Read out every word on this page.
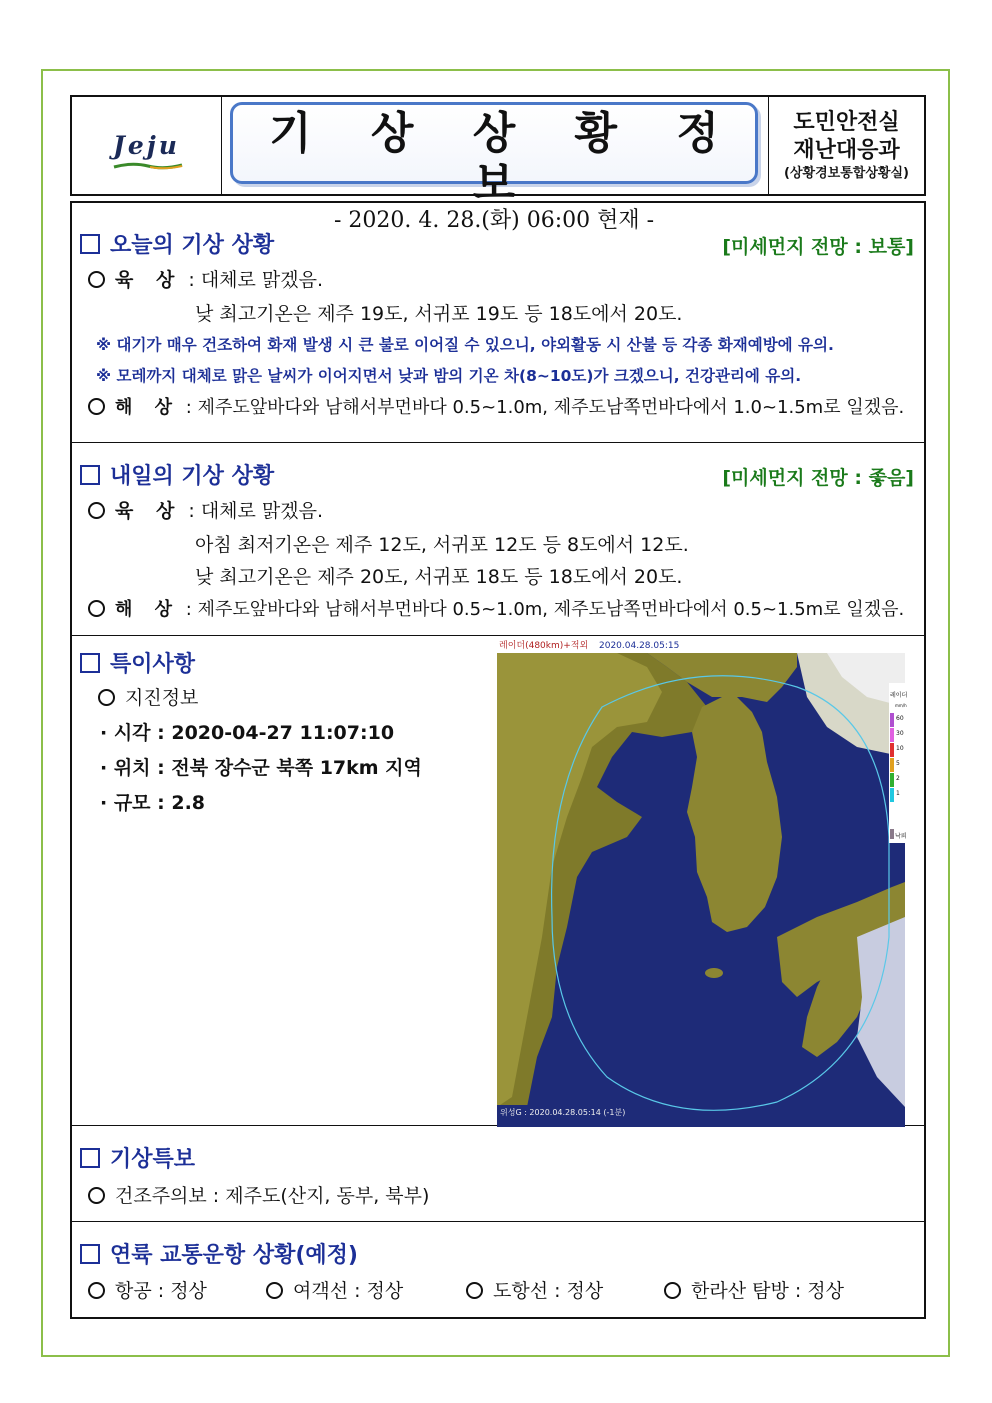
Jeju	기 상 상 황 정 보
- 2020. 4. 28.(화) 06:00 현재 -
도민안전실
재난대응과
(상황경보통합상황실)
오늘의 기상 상황	[미세먼지 전망 : 보통]
육 상 : 대체로 맑겠음.
낮 최고기온은 제주 19도, 서귀포 19도 등 18도에서 20도.
※ 대기가 매우 건조하여 화재 발생 시 큰 불로 이어질 수 있으니, 야외활동 시 산불 등 각종 화재예방에 유의.
※ 모레까지 대체로 맑은 날씨가 이어지면서 낮과 밤의 기온 차(8~10도)가 크겠으니, 건강관리에 유의.
해 상 : 제주도앞바다와 남해서부먼바다 0.5~1.0m, 제주도남쪽먼바다에서 1.0~1.5m로 일겠음.
내일의 기상 상황	[미세먼지 전망 : 좋음]
육 상 : 대체로 맑겠음.
아침 최저기온은 제주 12도, 서귀포 12도 등 8도에서 12도.
낮 최고기온은 제주 20도, 서귀포 18도 등 18도에서 20도.
해 상 : 제주도앞바다와 남해서부먼바다 0.5~1.0m, 제주도남쪽먼바다에서 0.5~1.5m로 일겠음.
특이사항
지진정보
· 시각 : 2020-04-27 11:07:10
· 위치 : 전북 장수군 북쪽 17km 지역
· 규모 : 2.8
레이더(480km)+적외 2020.04.28.05:15
위성G : 2020.04.28.05:14 (-1분)
레이더
mm/h
60
30
10
5
2
1
낙뢰
기상특보
건조주의보 : 제주도(산지, 동부, 북부)
연륙 교통운항 상황(예정)
항공 : 정상	여객선 : 정상	도항선 : 정상	한라산 탐방 : 정상
